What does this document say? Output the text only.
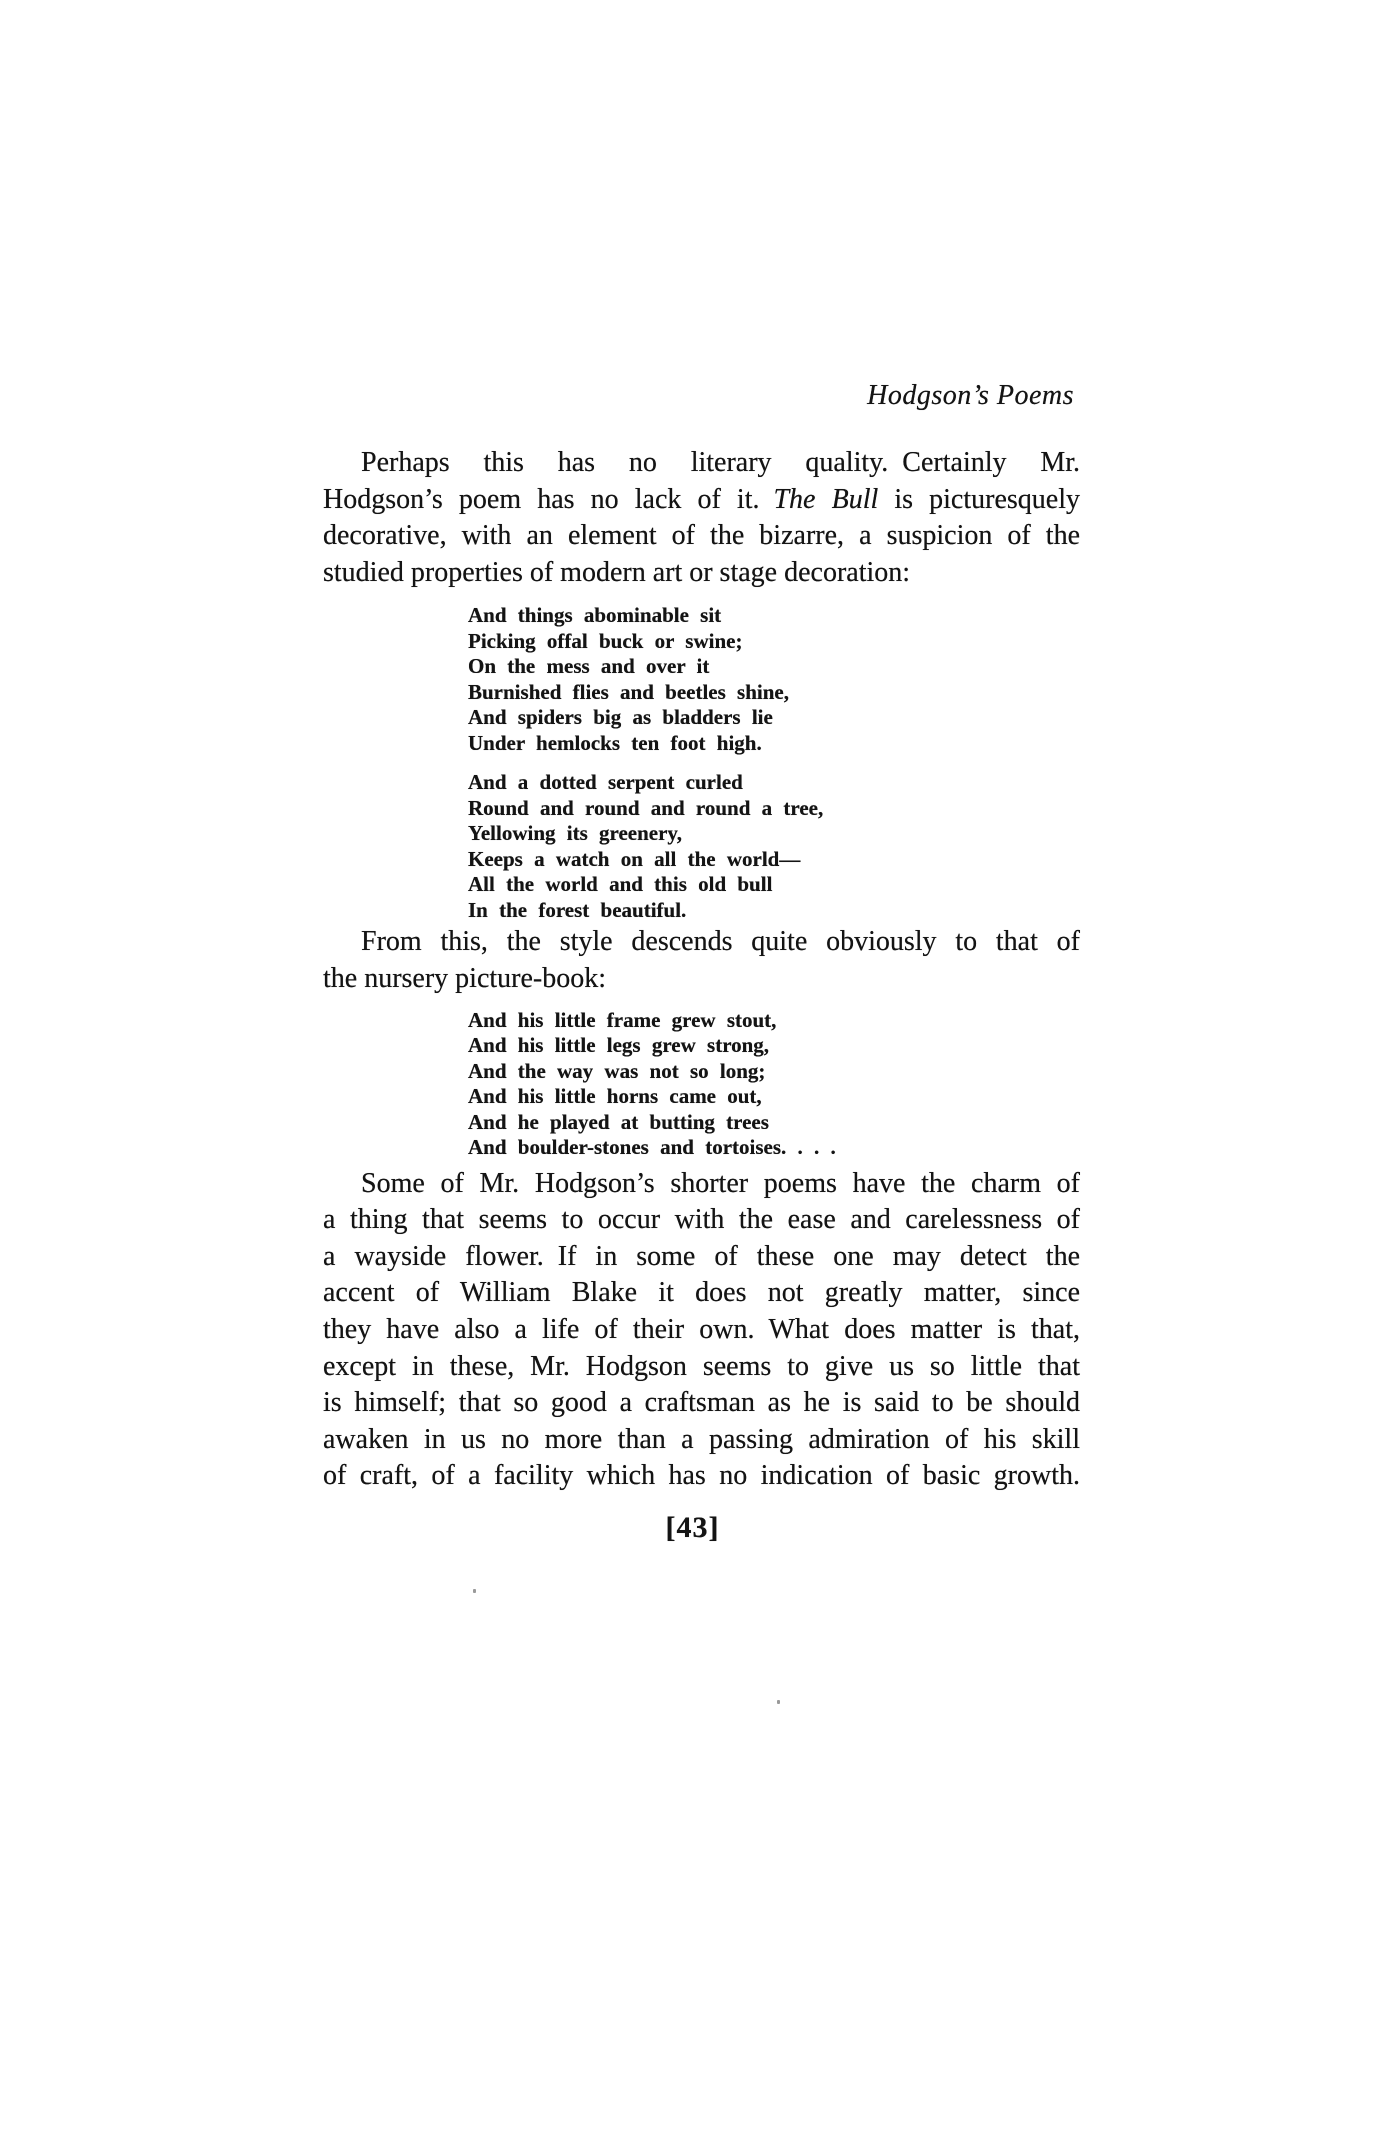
Hodgson’s Poems
Perhaps this has no literary quality. Certainly Mr.
Hodgson’s poem has no lack of it. The Bull is picturesquely
decorative, with an element of the bizarre, a suspicion of the
studied properties of modern art or stage decoration:
And things abominable sit
Picking offal buck or swine;
On the mess and over it
Burnished flies and beetles shine,
And spiders big as bladders lie
Under hemlocks ten foot high.
And a dotted serpent curled
Round and round and round a tree,
Yellowing its greenery,
Keeps a watch on all the world—
All the world and this old bull
In the forest beautiful.
From this, the style descends quite obviously to that of
the nursery picture-book:
And his little frame grew stout,
And his little legs grew strong,
And the way was not so long;
And his little horns came out,
And he played at butting trees
And boulder-stones and tortoises. . . .
Some of Mr. Hodgson’s shorter poems have the charm of
a thing that seems to occur with the ease and carelessness of
a wayside flower. If in some of these one may detect the
accent of William Blake it does not greatly matter, since
they have also a life of their own. What does matter is that,
except in these, Mr. Hodgson seems to give us so little that
is himself; that so good a craftsman as he is said to be should
awaken in us no more than a passing admiration of his skill
of craft, of a facility which has no indication of basic growth.
[43]
